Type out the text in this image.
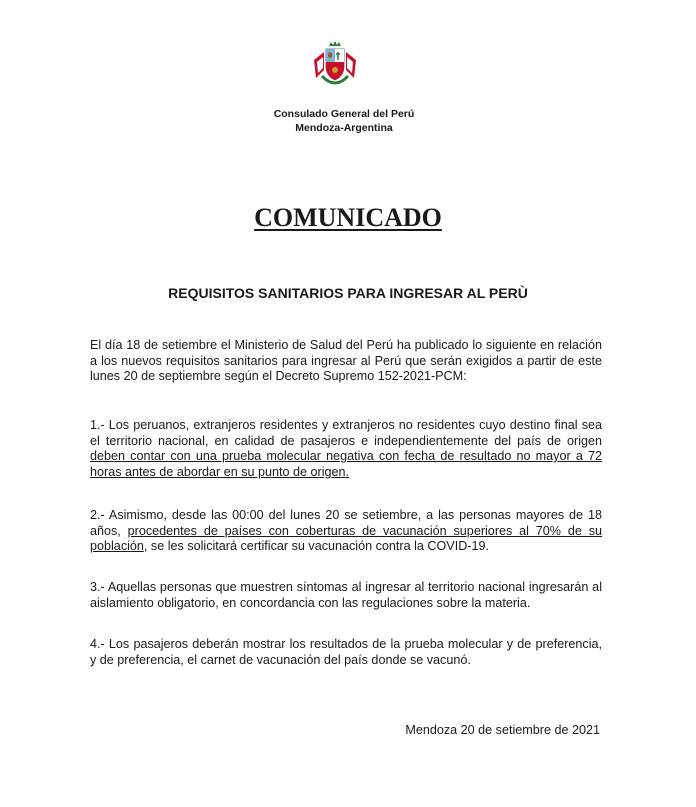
Consulado General del Perú
Mendoza-Argentina
COMUNICADO
REQUISITOS SANITARIOS PARA INGRESAR AL PERÙ

El día 18 de setiembre el Ministerio de Salud del Perú ha publicado lo siguiente en relación a los nuevos requisitos sanitarios para ingresar al Perú que serán exigidos a partir de este lunes 20 de septiembre según el Decreto Supremo 152-2021-PCM:

1.- Los peruanos, extranjeros residentes y extranjeros no residentes cuyo destino final sea el territorio nacional, en calidad de pasajeros e independientemente del país de origen deben contar con una prueba molecular negativa con fecha de resultado no mayor a 72 horas antes de abordar en su punto de origen.

2.- Asimismo, desde las 00:00 del lunes 20 se setiembre, a las personas mayores de 18 años, procedentes de países con coberturas de vacunación superiores al 70% de su población, se les solicitará certificar su vacunación contra la COVID-19.

3.- Aquellas personas que muestren síntomas al ingresar al territorio nacional ingresarán al aislamiento obligatorio, en concordancia con las regulaciones sobre la materia.

4.- Los pasajeros deberán mostrar los resultados de la prueba molecular y de preferencia, y de preferencia, el carnet de vacunación del país donde se vacunó.

Mendoza 20 de setiembre de 2021
